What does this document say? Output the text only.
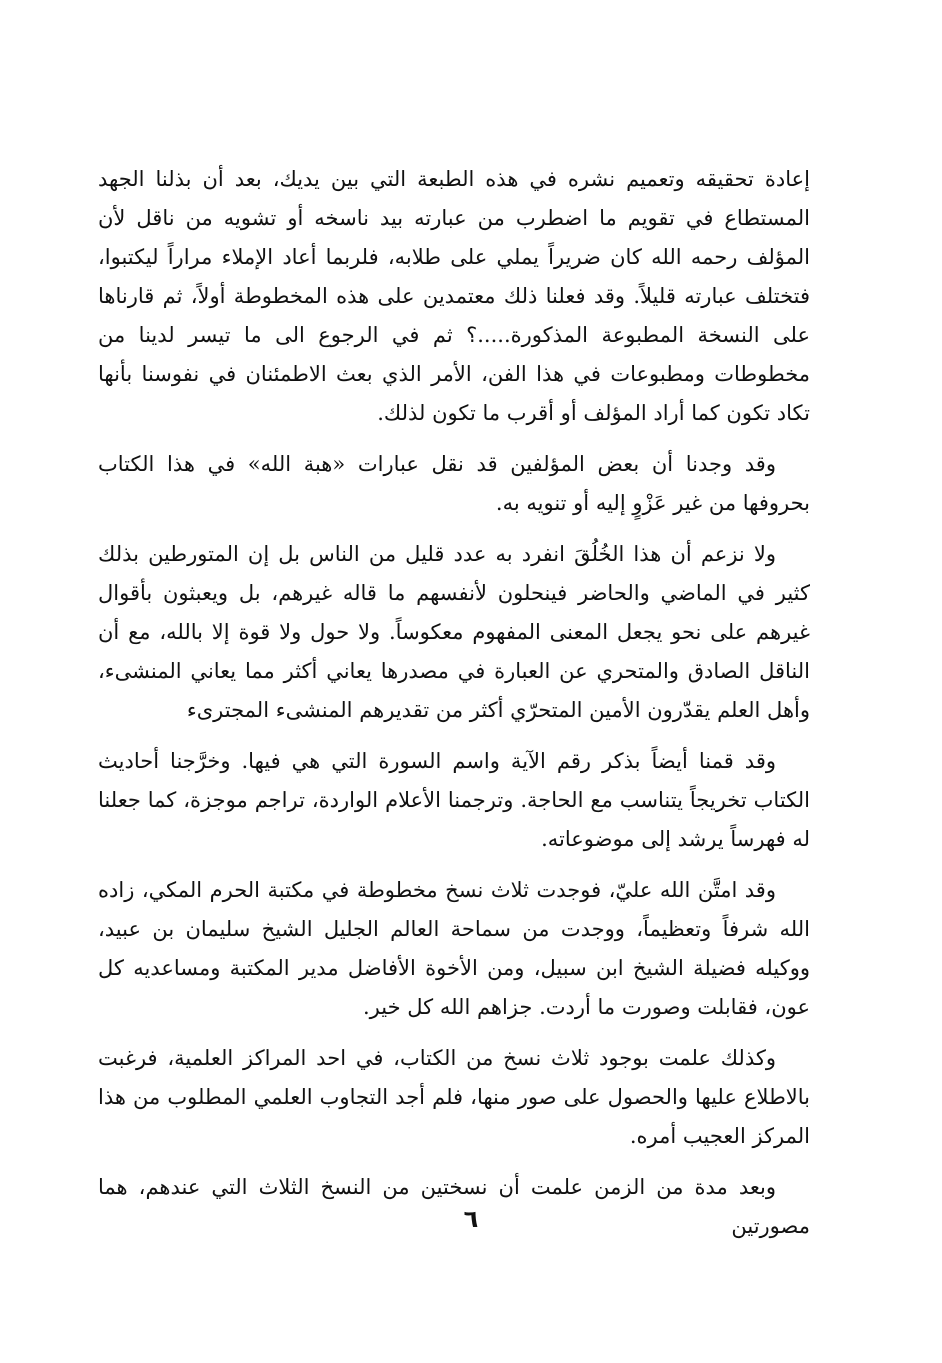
إعادة تحقيقه وتعميم نشره في هذه الطبعة التي بين يديك، بعد أن بذلنا الجهد المستطاع في تقويم ما اضطرب من عبارته بيد ناسخه أو تشويه من ناقل لأن المؤلف رحمه الله كان ضريراً يملي على طلابه، فلربما أعاد الإملاء مراراً ليكتبوا، فتختلف عبارته قليلاً. وقد فعلنا ذلك معتمدين على هذه المخطوطة أولاً، ثم قارناها على النسخة المطبوعة المذكورة.....؟ ثم في الرجوع الى ما تيسر لدينا من مخطوطات ومطبوعات في هذا الفن، الأمر الذي بعث الاطمئنان في نفوسنا بأنها تكاد تكون كما أراد المؤلف أو أقرب ما تكون لذلك.

وقد وجدنا أن بعض المؤلفين قد نقل عبارات «هبة الله» في هذا الكتاب بحروفها من غير عَزْوٍ إليه أو تنويه به.

ولا نزعم أن هذا الخُلُقَ انفرد به عدد قليل من الناس بل إن المتورطين بذلك كثير في الماضي والحاضر فينحلون لأنفسهم ما قاله غيرهم، بل ويعبثون بأقوال غيرهم على نحو يجعل المعنى المفهوم معكوساً. ولا حول ولا قوة إلا بالله، مع أن الناقل الصادق والمتحري عن العبارة في مصدرها يعاني أكثر مما يعاني المنشىء، وأهل العلم يقدّرون الأمين المتحرّي أكثر من تقديرهم المنشىء المجترىء

وقد قمنا أيضاً بذكر رقم الآية واسم السورة التي هي فيها. وخرَّجنا أحاديث الكتاب تخريجاً يتناسب مع الحاجة. وترجمنا الأعلام الواردة، تراجم موجزة، كما جعلنا له فهرساً يرشد إلى موضوعاته.

وقد امتَّن الله عليّ، فوجدت ثلاث نسخ مخطوطة في مكتبة الحرم المكي، زاده الله شرفاً وتعظيماً، ووجدت من سماحة العالم الجليل الشيخ سليمان بن عبيد، ووكيله فضيلة الشيخ ابن سبيل، ومن الأخوة الأفاضل مدير المكتبة ومساعديه كل عون، فقابلت وصورت ما أردت. جزاهم الله كل خير.

وكذلك علمت بوجود ثلاث نسخ من الكتاب، في احد المراكز العلمية، فرغبت بالاطلاع عليها والحصول على صور منها، فلم أجد التجاوب العلمي المطلوب من هذا المركز العجيب أمره.

وبعد مدة من الزمن علمت أن نسختين من النسخ الثلاث التي عندهم، هما مصورتين

٦
